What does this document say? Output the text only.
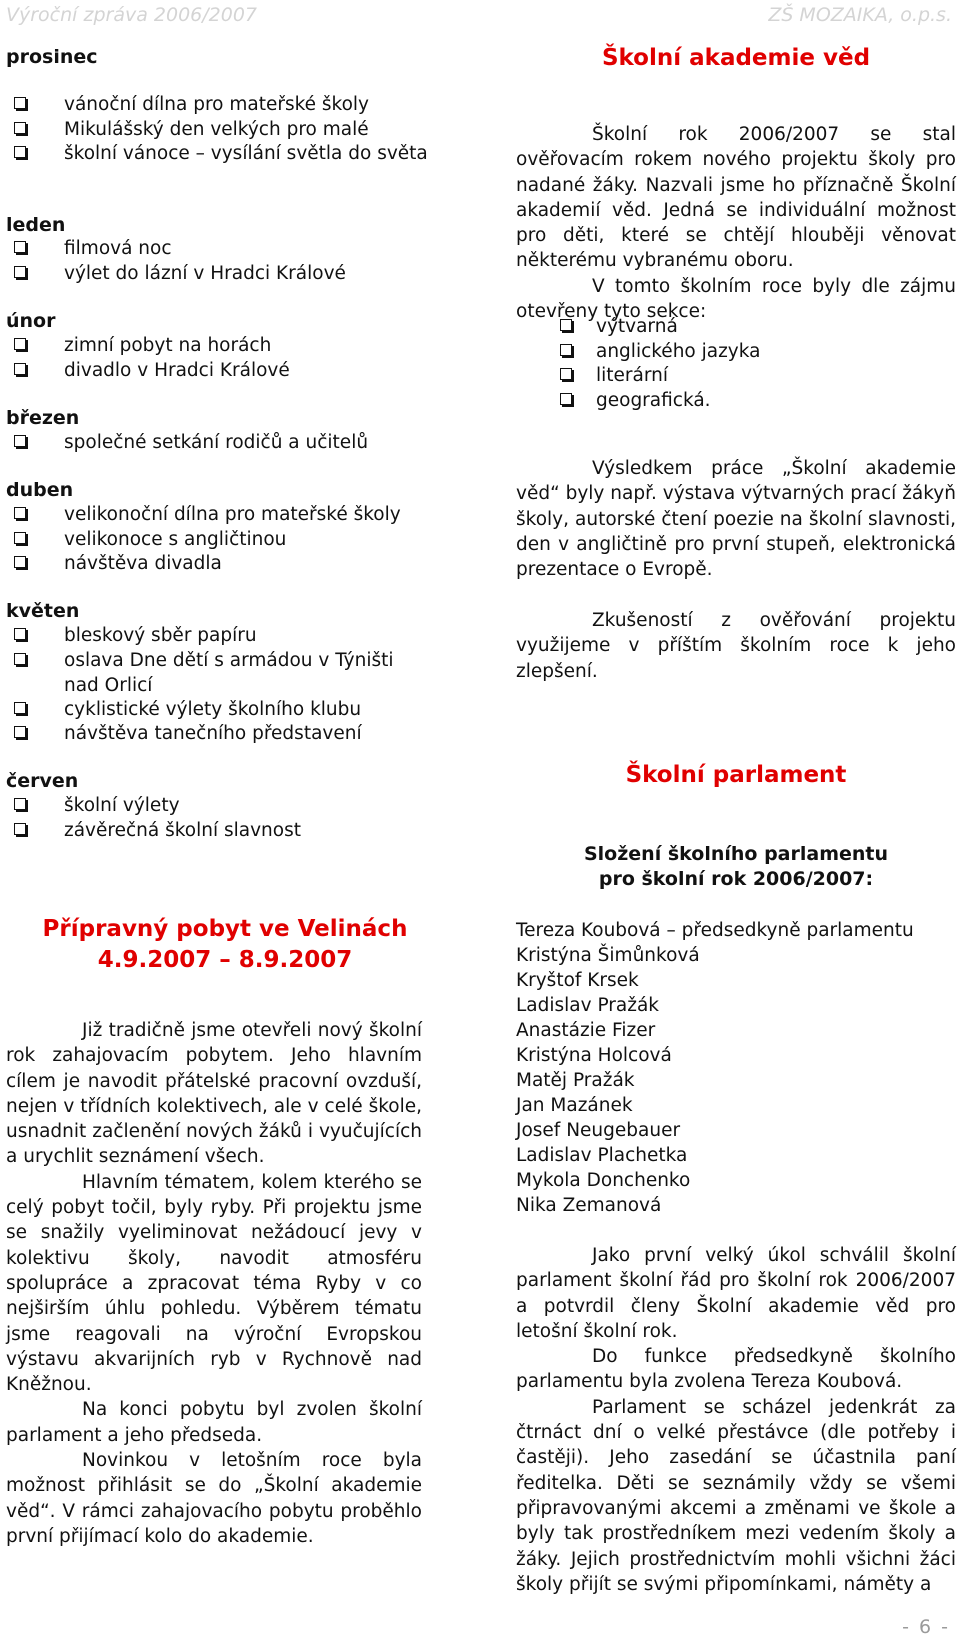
Výroční zpráva 2006/2007	ZŠ MOZAIKA, o.p.s.
prosinec
vánoční dílna pro mateřské školy
Mikulášský den velkých pro malé
školní vánoce – vysílání světla do světa
leden
filmová noc
výlet do lázní v Hradci Králové
únor
zimní pobyt na horách
divadlo v Hradci Králové
březen
společné setkání rodičů a učitelů
duben
velikonoční dílna pro mateřské školy
velikonoce s angličtinou
návštěva divadla
květen
bleskový sběr papíru
oslava Dne dětí s armádou v Týništi nad Orlicí
cyklistické výlety školního klubu
návštěva tanečního představení
červen
školní výlety
závěrečná školní slavnost
Přípravný pobyt ve Velinách
4.9.2007 – 8.9.2007

Již tradičně jsme otevřeli nový školní rok zahajovacím pobytem. Jeho hlavním cílem je navodit přátelské pracovní ovzduší, nejen v třídních kolektivech, ale v celé škole, usnadnit začlenění nových žáků i vyučujících a urychlit seznámení všech.

Hlavním tématem, kolem kterého se celý pobyt točil, byly ryby. Při projektu jsme se snažily vyeliminovat nežádoucí jevy v kolektivu školy, navodit atmosféru spolupráce a zpracovat téma Ryby v co nejširším úhlu pohledu. Výběrem tématu jsme reagovali na výroční Evropskou výstavu akvarijních ryb v Rychnově nad Kněžnou.

Na konci pobytu byl zvolen školní parlament a jeho předseda.

Novinkou v letošním roce byla možnost přihlásit se do „Školní akademie věd“. V rámci zahajovacího pobytu proběhlo první přijímací kolo do akademie.

Školní akademie věd

Školní rok 2006/2007 se stal ověřovacím rokem nového projektu školy pro nadané žáky. Nazvali jsme ho příznačně Školní akademií věd. Jedná se individuální možnost pro děti, které se chtějí hlouběji věnovat některému vybranému oboru.

V tomto školním roce byly dle zájmu otevřeny tyto sekce:

výtvarná
anglického jazyka
literární
geografická.

Výsledkem práce „Školní akademie věd“ byly např. výstava výtvarných prací žákyň školy, autorské čtení poezie na školní slavnosti, den v angličtině pro první stupeň, elektronická prezentace o Evropě.

Zkušeností z ověřování projektu využijeme v příštím školním roce k jeho zlepšení.

Školní parlament
Složení školního parlamentu
pro školní rok 2006/2007:
Tereza Koubová – předsedkyně parlamentu
Kristýna Šimůnková
Kryštof Krsek
Ladislav Pražák
Anastázie Fizer
Kristýna Holcová
Matěj Pražák
Jan Mazánek
Josef Neugebauer
Ladislav Plachetka
Mykola Donchenko
Nika Zemanová

Jako první velký úkol schválil školní parlament školní řád pro školní rok 2006/2007 a potvrdil členy Školní akademie věd pro letošní školní rok.

Do funkce předsedkyně školního parlamentu byla zvolena Tereza Koubová.

Parlament se scházel jedenkrát za čtrnáct dní o velké přestávce (dle potřeby i častěji). Jeho zasedání se účastnila paní ředitelka. Děti se seznámily vždy se všemi připravovanými akcemi a změnami ve škole a byly tak prostředníkem mezi vedením školy a žáky. Jejich prostřednictvím mohli všichni žáci školy přijít se svými připomínkami, náměty a

- 6 -
